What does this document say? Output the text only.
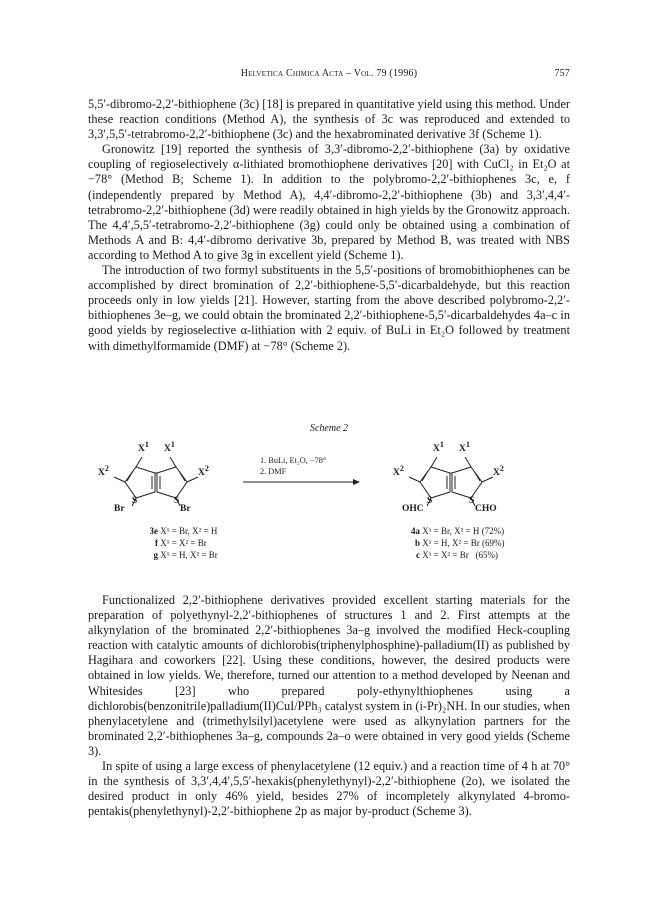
Helvetica Chimica Acta – Vol. 79 (1996)	757

5,5′-dibromo-2,2′-bithiophene (3c) [18] is prepared in quantitative yield using this method. Under these reaction conditions (Method A), the synthesis of 3c was reproduced and extended to 3,3′,5,5′-tetrabromo-2,2′-bithiophene (3c) and the hexabrominated derivative 3f (Scheme 1).

Gronowitz [19] reported the synthesis of 3,3′-dibromo-2,2′-bithiophene (3a) by oxidative coupling of regioselectively α-lithiated bromothiophene derivatives [20] with CuCl₂ in Et₂O at −78° (Method B; Scheme 1). In addition to the polybromo-2,2′-bithiophenes 3c, e, f (independently prepared by Method A), 4,4′-dibromo-2,2′-bithiophene (3b) and 3,3′,4,4′-tetrabromo-2,2′-bithiophene (3d) were readily obtained in high yields by the Gronowitz approach. The 4,4′,5,5′-tetrabromo-2,2′-bithiophene (3g) could only be obtained using a combination of Methods A and B: 4,4′-dibromo derivative 3b, prepared by Method B, was treated with NBS according to Method A to give 3g in excellent yield (Scheme 1).

The introduction of two formyl substituents in the 5,5′-positions of bromobithiophenes can be accomplished by direct bromination of 2,2′-bithiophene-5,5′-dicarbaldehyde, but this reaction proceeds only in low yields [21]. However, starting from the above described polybromo-2,2′-bithiophenes 3e–g, we could obtain the brominated 2,2′-bithiophene-5,5′-dicarbaldehydes 4a–c in good yields by regioselective α-lithiation with 2 equiv. of BuLi in Et₂O followed by treatment with dimethylformamide (DMF) at −78° (Scheme 2).

Scheme 2
$X^1$ $X^1$
$X^2$	$X^2$
S	S
Br	Br
1. BuLi, Et₂O, −78°
2. DMF
$X^1$ $X^1$
$X^2$	$X^2$
S	S
OHC	CHO
3e X¹ = Br, X² = H
f X¹ = X² = Br
g X¹ = H, X² = Br
4a X¹ = Br, X² = H (72%)
b X¹ = H, X² = Br (69%)
c X¹ = X² = Br (65%)

Functionalized 2,2′-bithiophene derivatives provided excellent starting materials for the preparation of polyethynyl-2,2′-bithiophenes of structures 1 and 2. First attempts at the alkynylation of the brominated 2,2′-bithiophenes 3a–g involved the modified Heck-coupling reaction with catalytic amounts of dichlorobis(triphenylphosphine)-palladium(II) as published by Hagihara and coworkers [22]. Using these conditions, however, the desired products were obtained in low yields. We, therefore, turned our attention to a method developed by Neenan and Whitesides [23] who prepared poly-ethynylthiophenes using a dichlorobis(benzonitrile)palladium(II)CuI/PPh₃ catalyst system in (i-Pr)₂NH. In our studies, when phenylacetylene and (trimethylsilyl)acetylene were used as alkynylation partners for the brominated 2,2′-bithiophenes 3a–g, compounds 2a–o were obtained in very good yields (Scheme 3).

In spite of using a large excess of phenylacetylene (12 equiv.) and a reaction time of 4 h at 70° in the synthesis of 3,3′,4,4′,5,5′-hexakis(phenylethynyl)-2,2′-bithiophene (2o), we isolated the desired product in only 46% yield, besides 27% of incompletely alkynylated 4-bromo-pentakis(phenylethynyl)-2,2′-bithiophene 2p as major by-product (Scheme 3).
